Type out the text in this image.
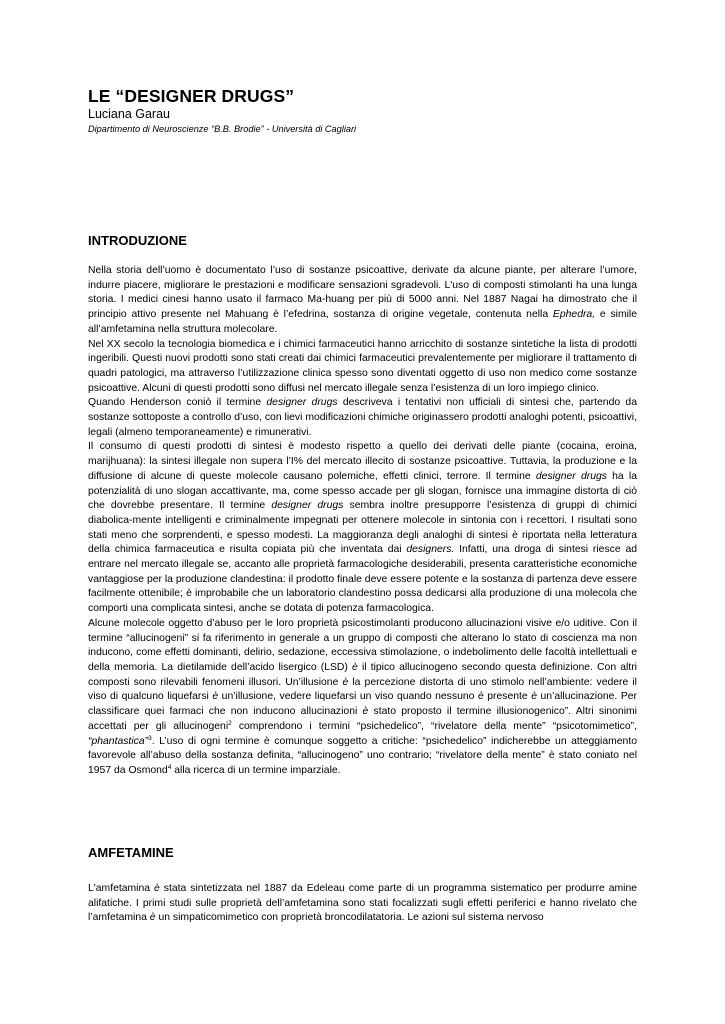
LE “DESIGNER DRUGS”
Luciana Garau
Dipartimento di Neuroscienze “B.B. Brodie” - Università di Cagliari
INTRODUZIONE

Nella storia dell’uomo è documentato l’uso di sostanze psicoattive, derivate da alcune piante, per alterare l’umore, indurre piacere, migliorare le prestazioni e modificare sensazioni sgradevoli. L'uso di composti stimolanti ha una lunga storia. I medici cinesi hanno usato il farmaco Ma-huang per più di 5000 anni. Nel 1887 Nagai ha dimostrato che il principio attivo presente nel Mahuang è l’efedrina, sostanza di origine vegetale, contenuta nella Ephedra, e simile all’amfetamina nella struttura molecolare.

Nel XX secolo la tecnologia biomedica e i chimici farmaceutici hanno arricchito di sostanze sintetiche la lista di prodotti ingeribili. Questi nuovi prodotti sono stati creati dai chimici farmaceutici prevalentemente per migliorare il trattamento di quadri patologici, ma attraverso l’utilizzazione clinica spesso sono diventati oggetto di uso non medico come sostanze psicoattive. Alcuni di questi prodotti sono diffusi nel mercato illegale senza l’esistenza di un loro impiego clinico.

Quando Henderson coniò il termine designer drugs descriveva i tentativi non ufficiali di sintesi che, partendo da sostanze sottoposte a controllo d’uso, con lievi modificazioni chimiche originassero prodotti analoghi potenti, psicoattivi, legali (almeno temporaneamente) e rimunerativi.

Il consumo di questi prodotti di sintesi è modesto rispetto a quello dei derivati delle piante (cocaina, eroina, marijhuana): la sintesi illegale non supera l’I% del mercato illecito di sostanze psicoattive. Tuttavia, la produzione e la diffusione di alcune di queste molecole causano polemiche, effetti clinici, terrore. Il termine designer drugs ha la potenzialità di uno slogan accattivante, ma, come spesso accade per gli slogan, fornisce una immagine distorta di ciò che dovrebbe presentare. Il termine designer drugs sembra inoltre presupporre l’esistenza di gruppi di chimici diabolica-mente intelligenti e criminalmente impegnati per ottenere molecole in sintonia con i recettori. I risultati sono stati meno che sorprendenti, e spesso modesti. La maggioranza degli analoghi di sintesi è riportata nella letteratura della chimica farmaceutica e risulta copiata più che inventata dai designers. Infatti, una droga di sintesi riesce ad entrare nel mercato illegale se, accanto alle proprietà farmacologiche desiderabili, presenta caratteristiche economiche vantaggiose per la produzione clandestina: il prodotto finale deve essere potente e la sostanza di partenza deve essere facilmente ottenibile; è improbabile che un laboratorio clandestino possa dedicarsi alla produzione di una molecola che comporti una complicata sintesi, anche se dotata di potenza farmacologica.

Alcune molecole oggetto d’abuso per le loro proprietà psicostimolanti producono allucinazioni visive e/o uditive. Con il termine “allucinogeni” si fa riferimento in generale a un gruppo di composti che alterano lo stato di coscienza ma non inducono, come effetti dominanti, delirio, sedazione, eccessiva stimolazione, o indebolimento delle facoltà intellettuali e della memoria. La dietilamide dell’acido lisergico (LSD) è il tipico allucinogeno secondo questa definizione. Con altri composti sono rilevabili fenomeni illusori. Un’illusione è la percezione distorta di uno stimolo nell’ambiente: vedere il viso di qualcuno liquefarsi è un’illusione, vedere liquefarsi un viso quando nessuno è presente è un’allucinazione. Per classificare quei farmaci che non inducono allucinazioni è stato proposto il termine illusionogenico”. Altri sinonimi accettati per gli allucinogeni$^2$ comprendono i termini “psichedelico”, “rivelatore della mente” “psicotomimetico”, “phantastica”$^3$. L’uso di ogni termine è comunque soggetto a critiche: “psichedelico” indicherebbe un atteggiamento favorevole all’abuso della sostanza definita, “allucinogeno” uno contrario; “rivelatore della mente” è stato coniato nel 1957 da Osmond$^4$ alla ricerca di un termine imparziale.

AMFETAMINE

L'amfetamina è stata sintetizzata nel 1887 da Edeleau come parte di un programma sistematico per produrre amine alifatiche. I primi studi sulle proprietà dell’amfetamina sono stati focalizzati sugli effetti periferici e hanno rivelato che l’amfetamina è un simpaticomimetico con proprietà broncodilatatoria. Le azioni sul sistema nervoso
